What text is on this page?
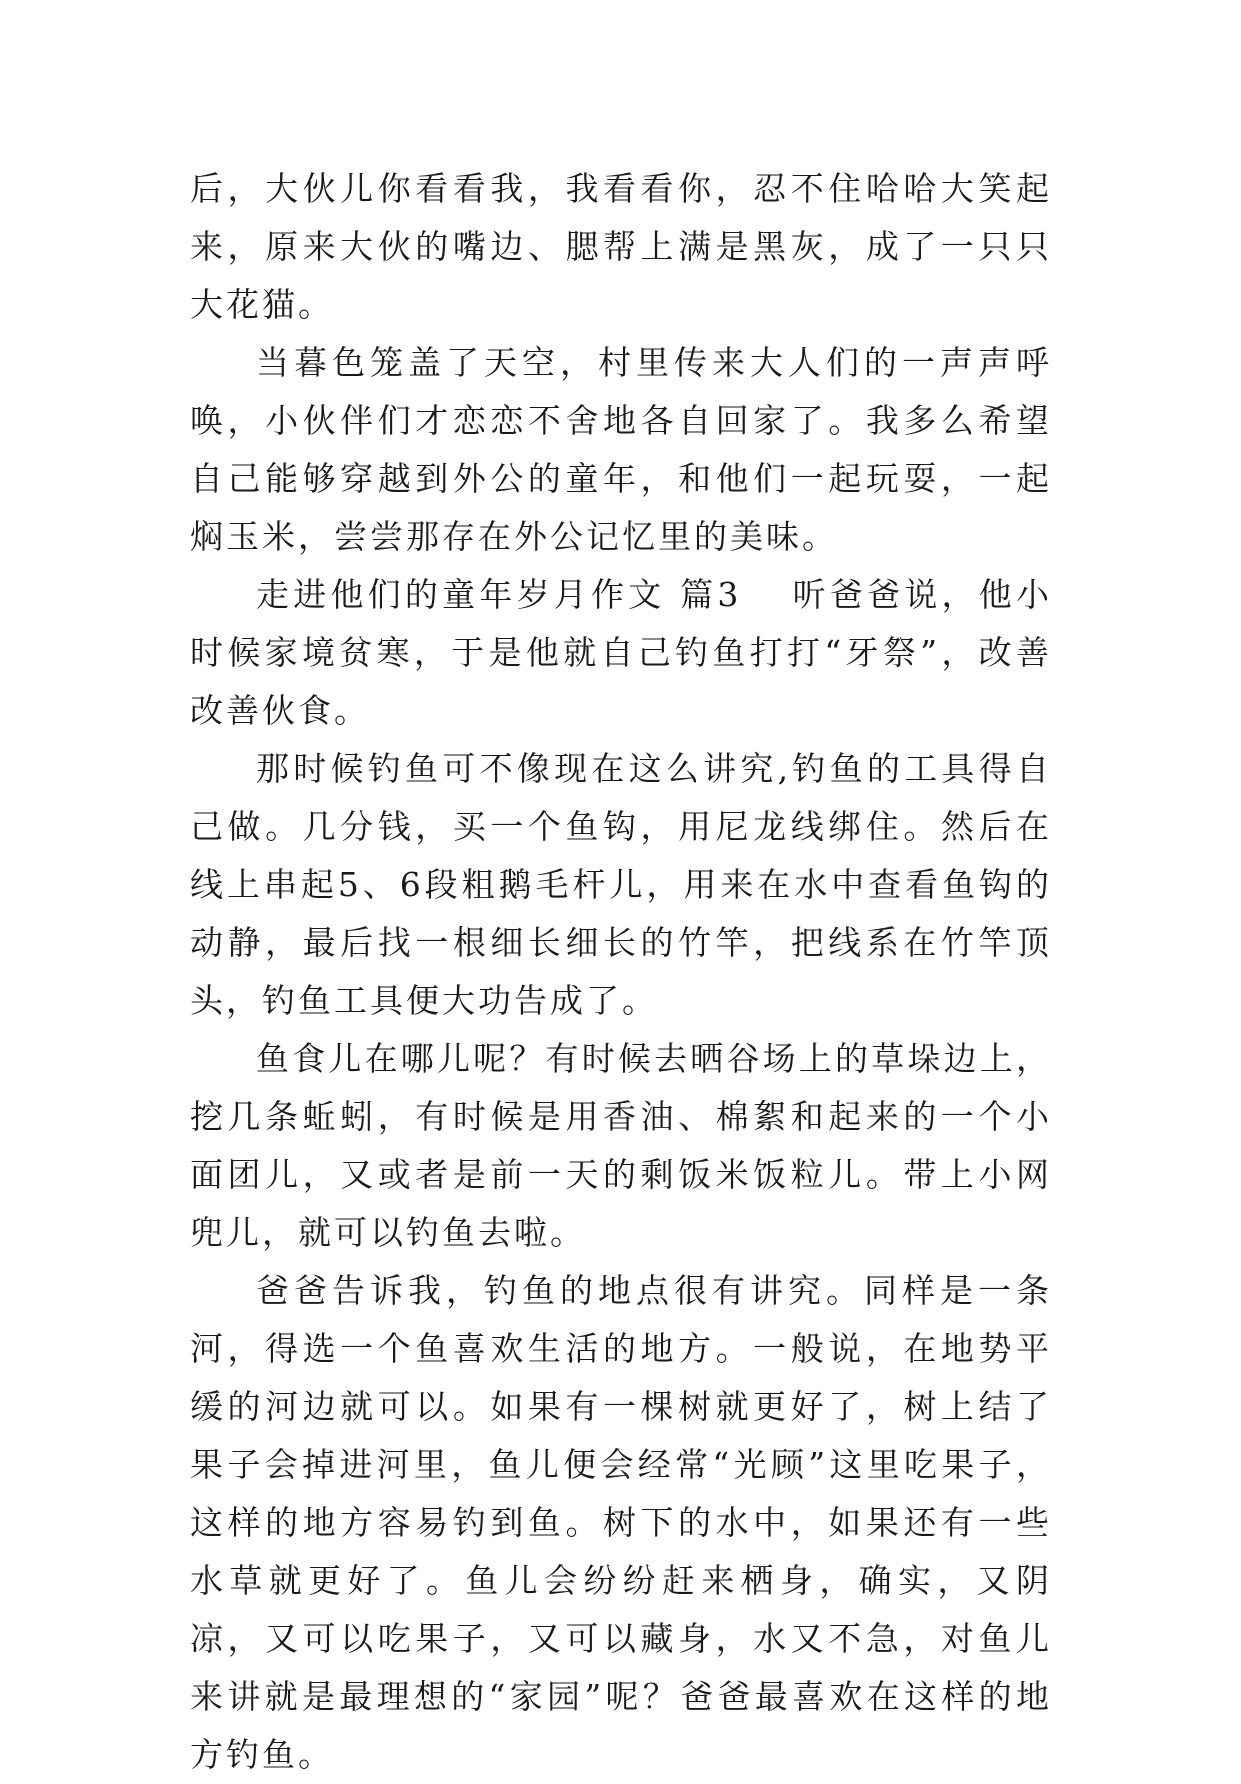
后，大伙儿你看看我，我看看你，忍不住哈哈大笑起来，原来大伙的嘴边、腮帮上满是黑灰，成了一只只大花猫。

当暮色笼盖了天空，村里传来大人们的一声声呼唤，小伙伴们才恋恋不舍地各自回家了。我多么希望自己能够穿越到外公的童年，和他们一起玩耍，一起焖玉米，尝尝那存在外公记忆里的美味。

走进他们的童年岁月作文 篇3 听爸爸说，他小时候家境贫寒，于是他就自己钓鱼打打“牙祭”，改善改善伙食。

那时候钓鱼可不像现在这么讲究,钓鱼的工具得自己做。几分钱，买一个鱼钩，用尼龙线绑住。然后在线上串起5、6段粗鹅毛杆儿，用来在水中查看鱼钩的动静，最后找一根细长细长的竹竿，把线系在竹竿顶头，钓鱼工具便大功告成了。

鱼食儿在哪儿呢？有时候去晒谷场上的草垛边上，挖几条蚯蚓，有时候是用香油、棉絮和起来的一个小面团儿，又或者是前一天的剩饭米饭粒儿。带上小网兜儿，就可以钓鱼去啦。

爸爸告诉我，钓鱼的地点很有讲究。同样是一条河，得选一个鱼喜欢生活的地方。一般说，在地势平缓的河边就可以。如果有一棵树就更好了，树上结了果子会掉进河里，鱼儿便会经常“光顾”这里吃果子，这样的地方容易钓到鱼。树下的水中，如果还有一些水草就更好了。鱼儿会纷纷赶来栖身，确实，又阴凉，又可以吃果子，又可以藏身，水又不急，对鱼儿来讲就是最理想的“家园”呢？爸爸最喜欢在这样的地方钓鱼。
